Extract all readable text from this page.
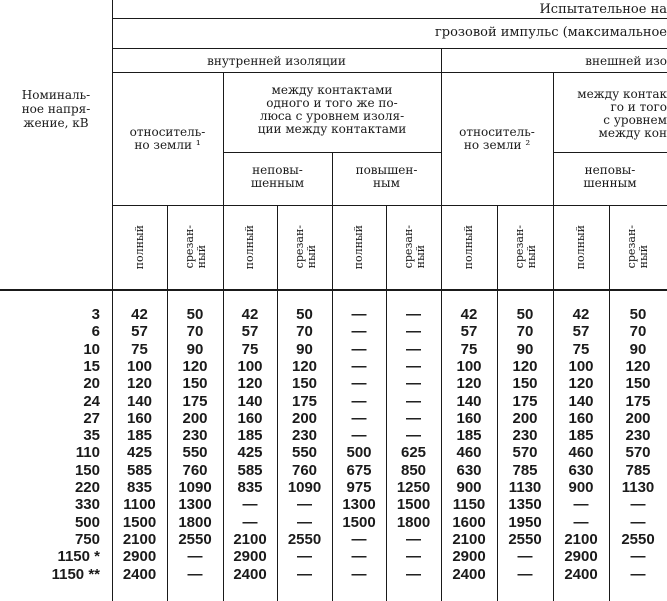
Испытательное на
грозовой импульс (максимальное
внутренней изоляции	внешней изо
Номиналь-
ное напря-
жение, кВ
относитель-
но земли ¹
между контактами
одного и того же по-
люса с уровнем изоля-
ции между контактами	относитель-
но земли ²
между контак
го и того
с уровнем
между кон
неповы-
шенным
повышен-
ным
неповы-
шенным
полный	срезан-
ный	полный	срезан-
ный	полный	срезан-
ный	полный	срезан-
ный	полный	срезан-
ный
3	42	50	42	50	—	—	42	50	42	50
6	57	70	57	70	—	—	57	70	57	70
10	75	90	75	90	—	—	75	90	75	90
15	100	120	100	120	—	—	100	120	100	120
20	120	150	120	150	—	—	120	150	120	150
24	140	175	140	175	—	—	140	175	140	175
27	160	200	160	200	—	—	160	200	160	200
35	185	230	185	230	—	—	185	230	185	230
110	425	550	425	550	500	625	460	570	460	570
150	585	760	585	760	675	850	630	785	630	785
220	835	1090	835	1090	975	1250	900	1130	900	1130
330	1100	1300	—	—	1300	1500	1150	1350	—	—
500	1500	1800	—	—	1500	1800	1600	1950	—	—
750	2100	2550	2100	2550	—	—	2100	2550	2100	2550
1150 *	2900	—	2900	—	—	—	2900	—	2900	—
1150 **	2400	—	2400	—	—	—	2400	—	2400	—
